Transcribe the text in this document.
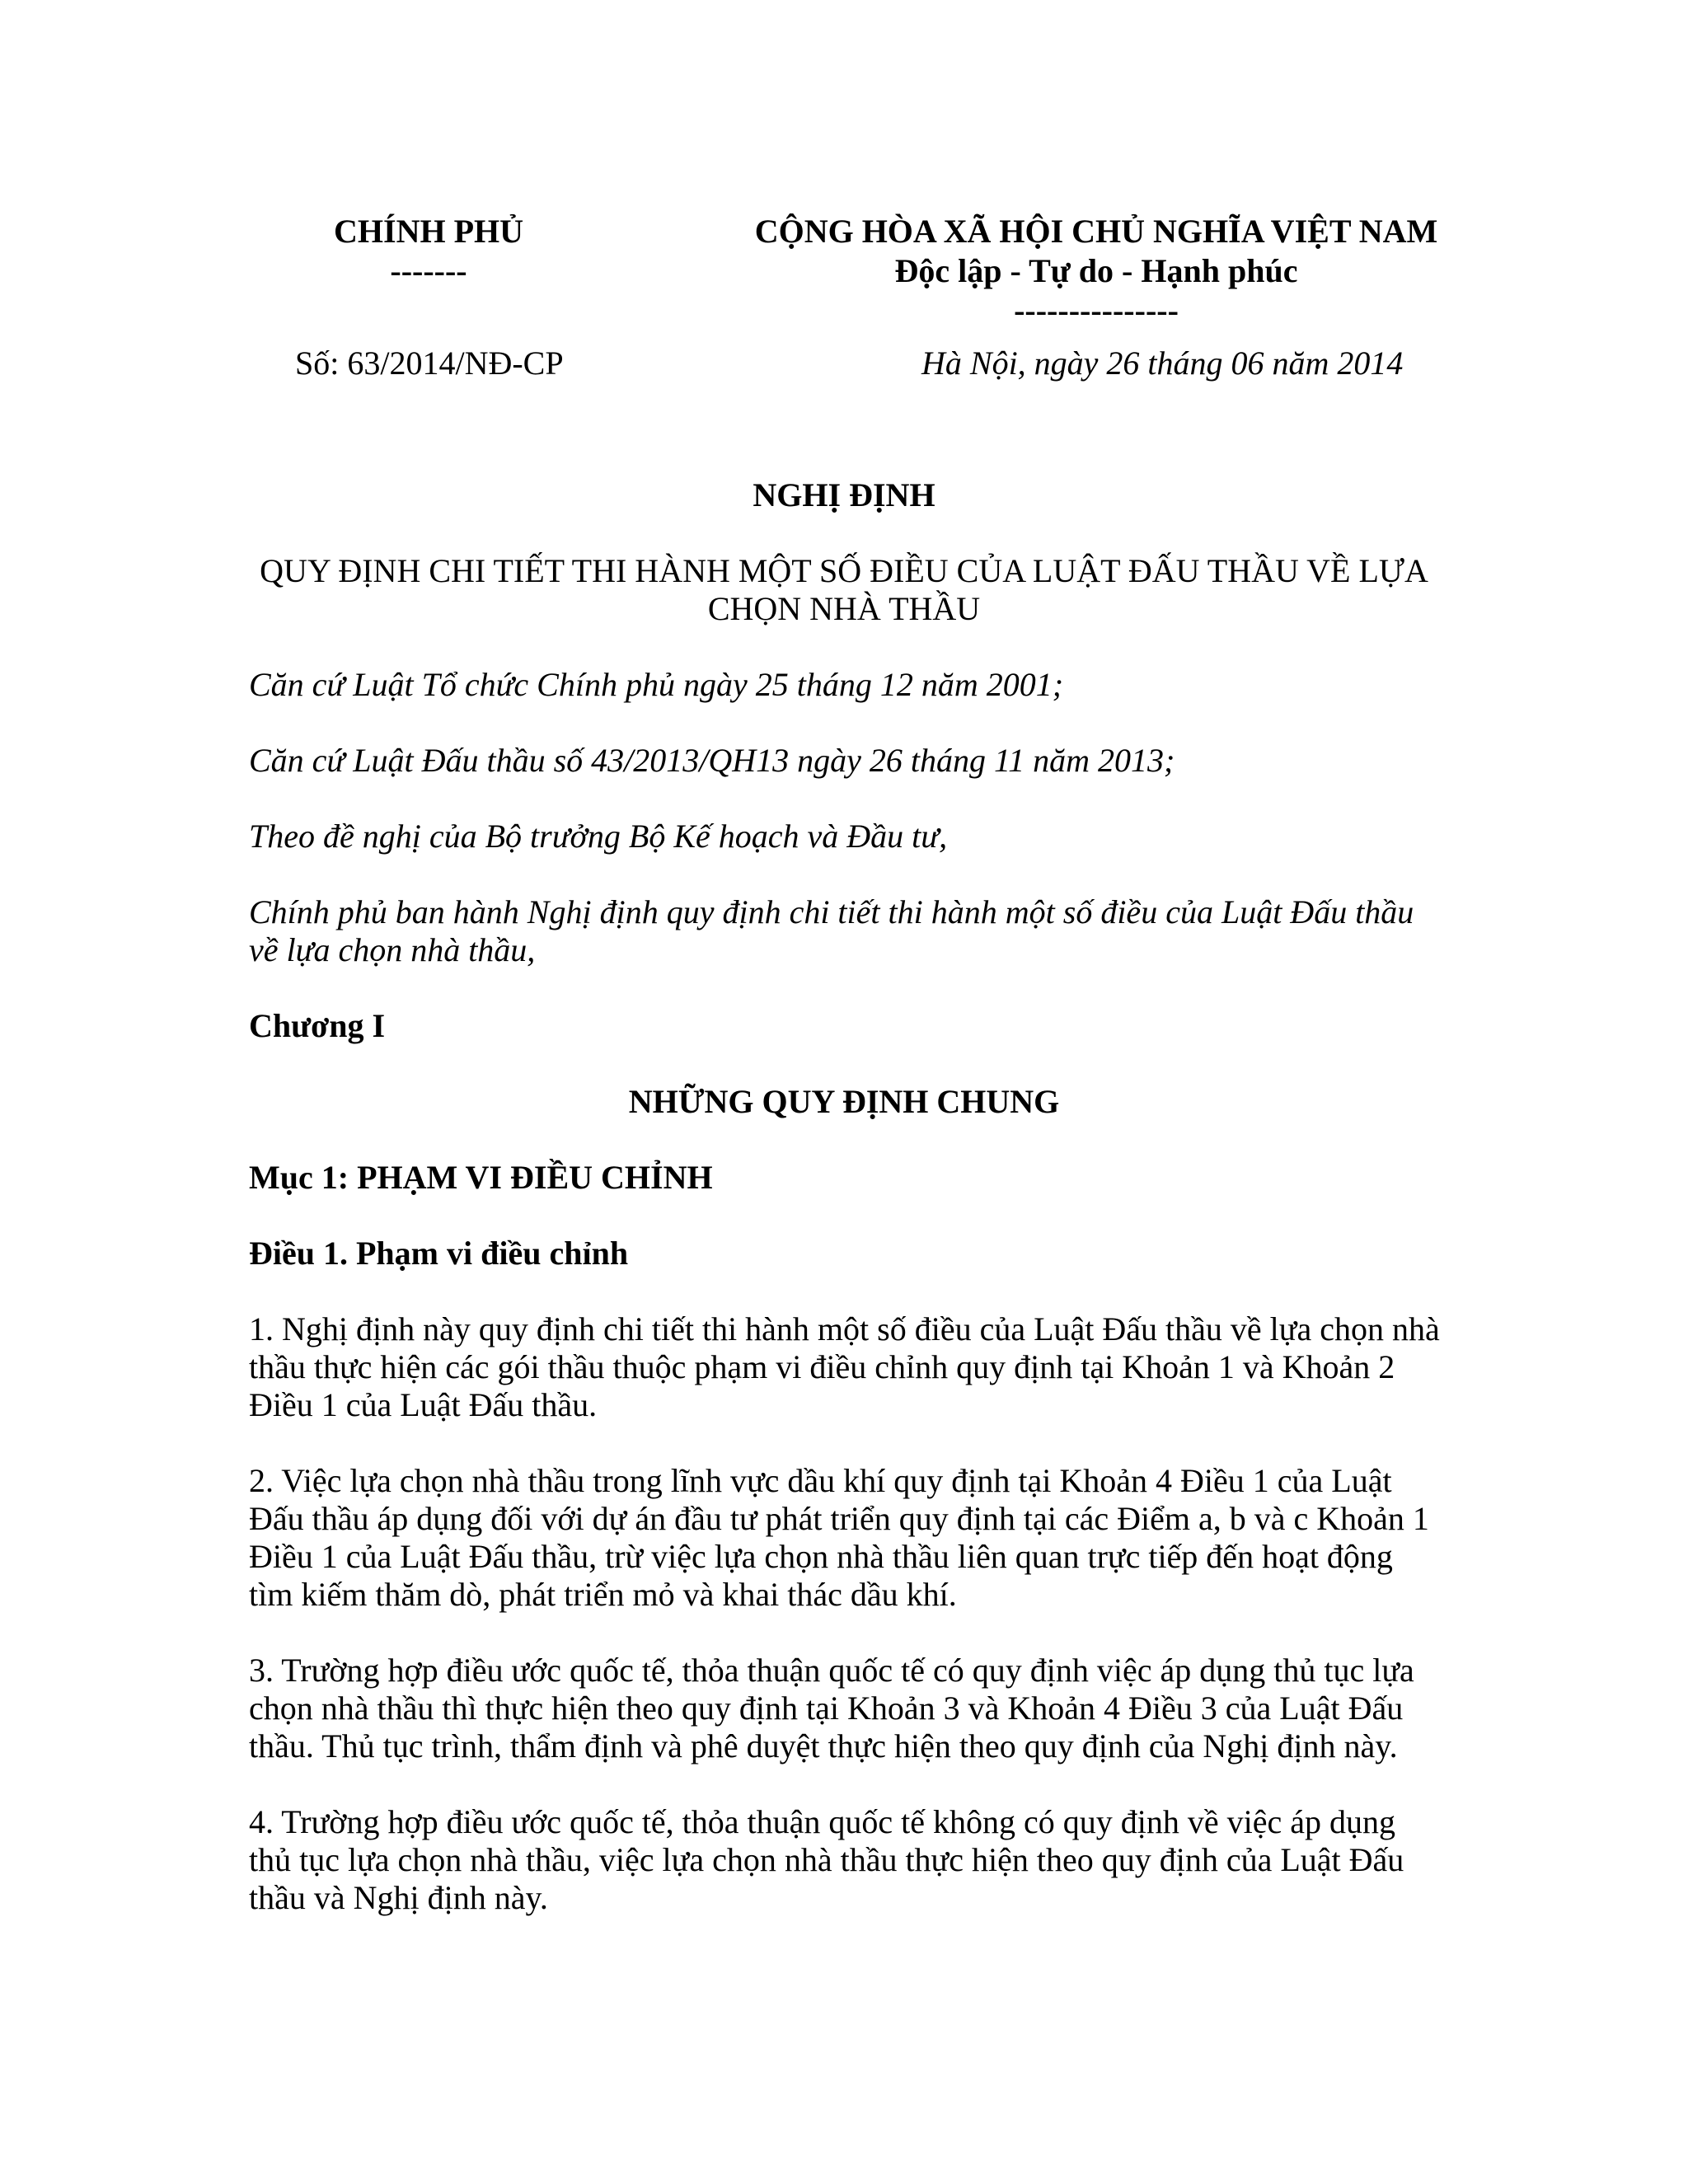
CHÍNH PHỦ
-------
Số: 63/2014/NĐ-CP
CỘNG HÒA XÃ HỘI CHỦ NGHĨA VIỆT NAM
Độc lập - Tự do - Hạnh phúc
---------------
Hà Nội, ngày 26 tháng 06 năm 2014
NGHỊ ĐỊNH
QUY ĐỊNH CHI TIẾT THI HÀNH MỘT SỐ ĐIỀU CỦA LUẬT ĐẤU THẦU VỀ LỰA
CHỌN NHÀ THẦU
Căn cứ Luật Tổ chức Chính phủ ngày 25 tháng 12 năm 2001;
Căn cứ Luật Đấu thầu số 43/2013/QH13 ngày 26 tháng 11 năm 2013;
Theo đề nghị của Bộ trưởng Bộ Kế hoạch và Đầu tư,
Chính phủ ban hành Nghị định quy định chi tiết thi hành một số điều của Luật Đấu thầu về lựa chọn nhà thầu,
Chương I
NHỮNG QUY ĐỊNH CHUNG
Mục 1: PHẠM VI ĐIỀU CHỈNH
Điều 1. Phạm vi điều chỉnh
1. Nghị định này quy định chi tiết thi hành một số điều của Luật Đấu thầu về lựa chọn nhà thầu thực hiện các gói thầu thuộc phạm vi điều chỉnh quy định tại Khoản 1 và Khoản 2 Điều 1 của Luật Đấu thầu.
2. Việc lựa chọn nhà thầu trong lĩnh vực dầu khí quy định tại Khoản 4 Điều 1 của Luật Đấu thầu áp dụng đối với dự án đầu tư phát triển quy định tại các Điểm a, b và c Khoản 1 Điều 1 của Luật Đấu thầu, trừ việc lựa chọn nhà thầu liên quan trực tiếp đến hoạt động tìm kiếm thăm dò, phát triển mỏ và khai thác dầu khí.
3. Trường hợp điều ước quốc tế, thỏa thuận quốc tế có quy định việc áp dụng thủ tục lựa chọn nhà thầu thì thực hiện theo quy định tại Khoản 3 và Khoản 4 Điều 3 của Luật Đấu thầu. Thủ tục trình, thẩm định và phê duyệt thực hiện theo quy định của Nghị định này.
4. Trường hợp điều ước quốc tế, thỏa thuận quốc tế không có quy định về việc áp dụng thủ tục lựa chọn nhà thầu, việc lựa chọn nhà thầu thực hiện theo quy định của Luật Đấu thầu và Nghị định này.
